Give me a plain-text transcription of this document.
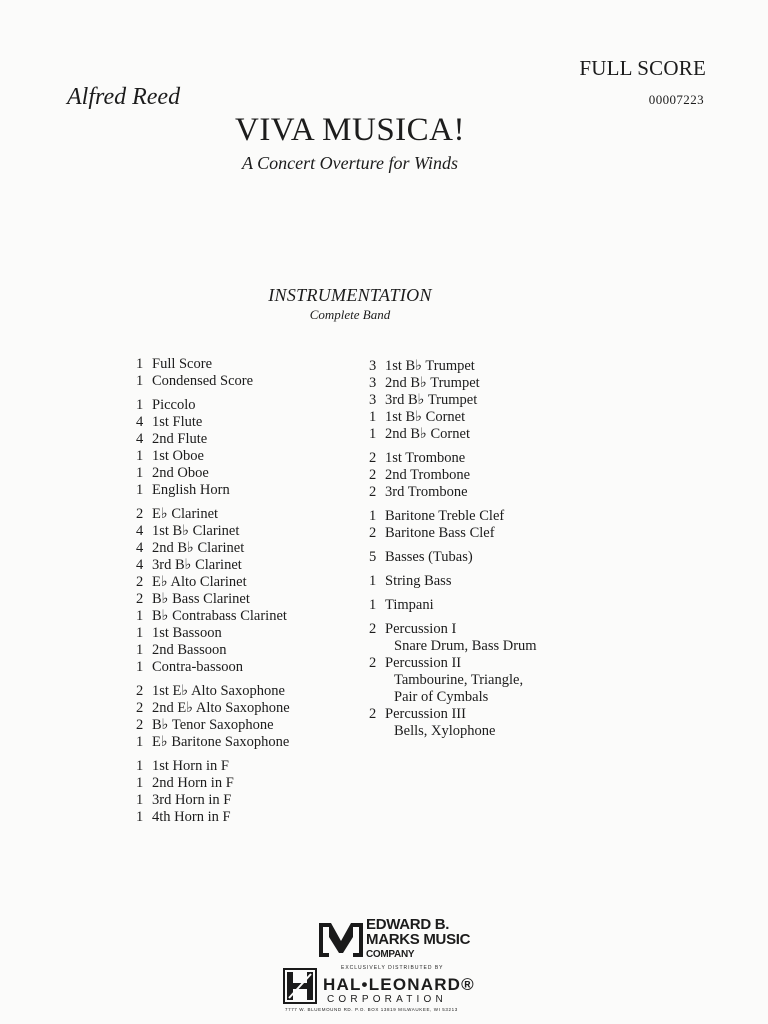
FULL SCORE
00007223
Alfred Reed
VIVA MUSICA!
A Concert Overture for Winds
INSTRUMENTATION
Complete Band
1 Full Score
1 Condensed Score
1 Piccolo
4 1st Flute
4 2nd Flute
1 1st Oboe
1 2nd Oboe
1 English Horn
2 E♭ Clarinet
4 1st B♭ Clarinet
4 2nd B♭ Clarinet
4 3rd B♭ Clarinet
2 E♭ Alto Clarinet
2 B♭ Bass Clarinet
1 B♭ Contrabass Clarinet
1 1st Bassoon
1 2nd Bassoon
1 Contra-bassoon
2 1st E♭ Alto Saxophone
2 2nd E♭ Alto Saxophone
2 B♭ Tenor Saxophone
1 E♭ Baritone Saxophone
1 1st Horn in F
1 2nd Horn in F
1 3rd Horn in F
1 4th Horn in F
3 1st B♭ Trumpet
3 2nd B♭ Trumpet
3 3rd B♭ Trumpet
1 1st B♭ Cornet
1 2nd B♭ Cornet
2 1st Trombone
2 2nd Trombone
2 3rd Trombone
1 Baritone Treble Clef
2 Baritone Bass Clef
5 Basses (Tubas)
1 String Bass
1 Timpani
2 Percussion I
Snare Drum, Bass Drum
2 Percussion II
Tambourine, Triangle,
Pair of Cymbals
2 Percussion III
Bells, Xylophone
EDWARD B.
MARKS MUSIC
COMPANY
EXCLUSIVELY DISTRIBUTED BY
HAL•LEONARD®
CORPORATION
7777 W. BLUEMOUND RD. P.O. BOX 13819 MILWAUKEE, WI 53213
